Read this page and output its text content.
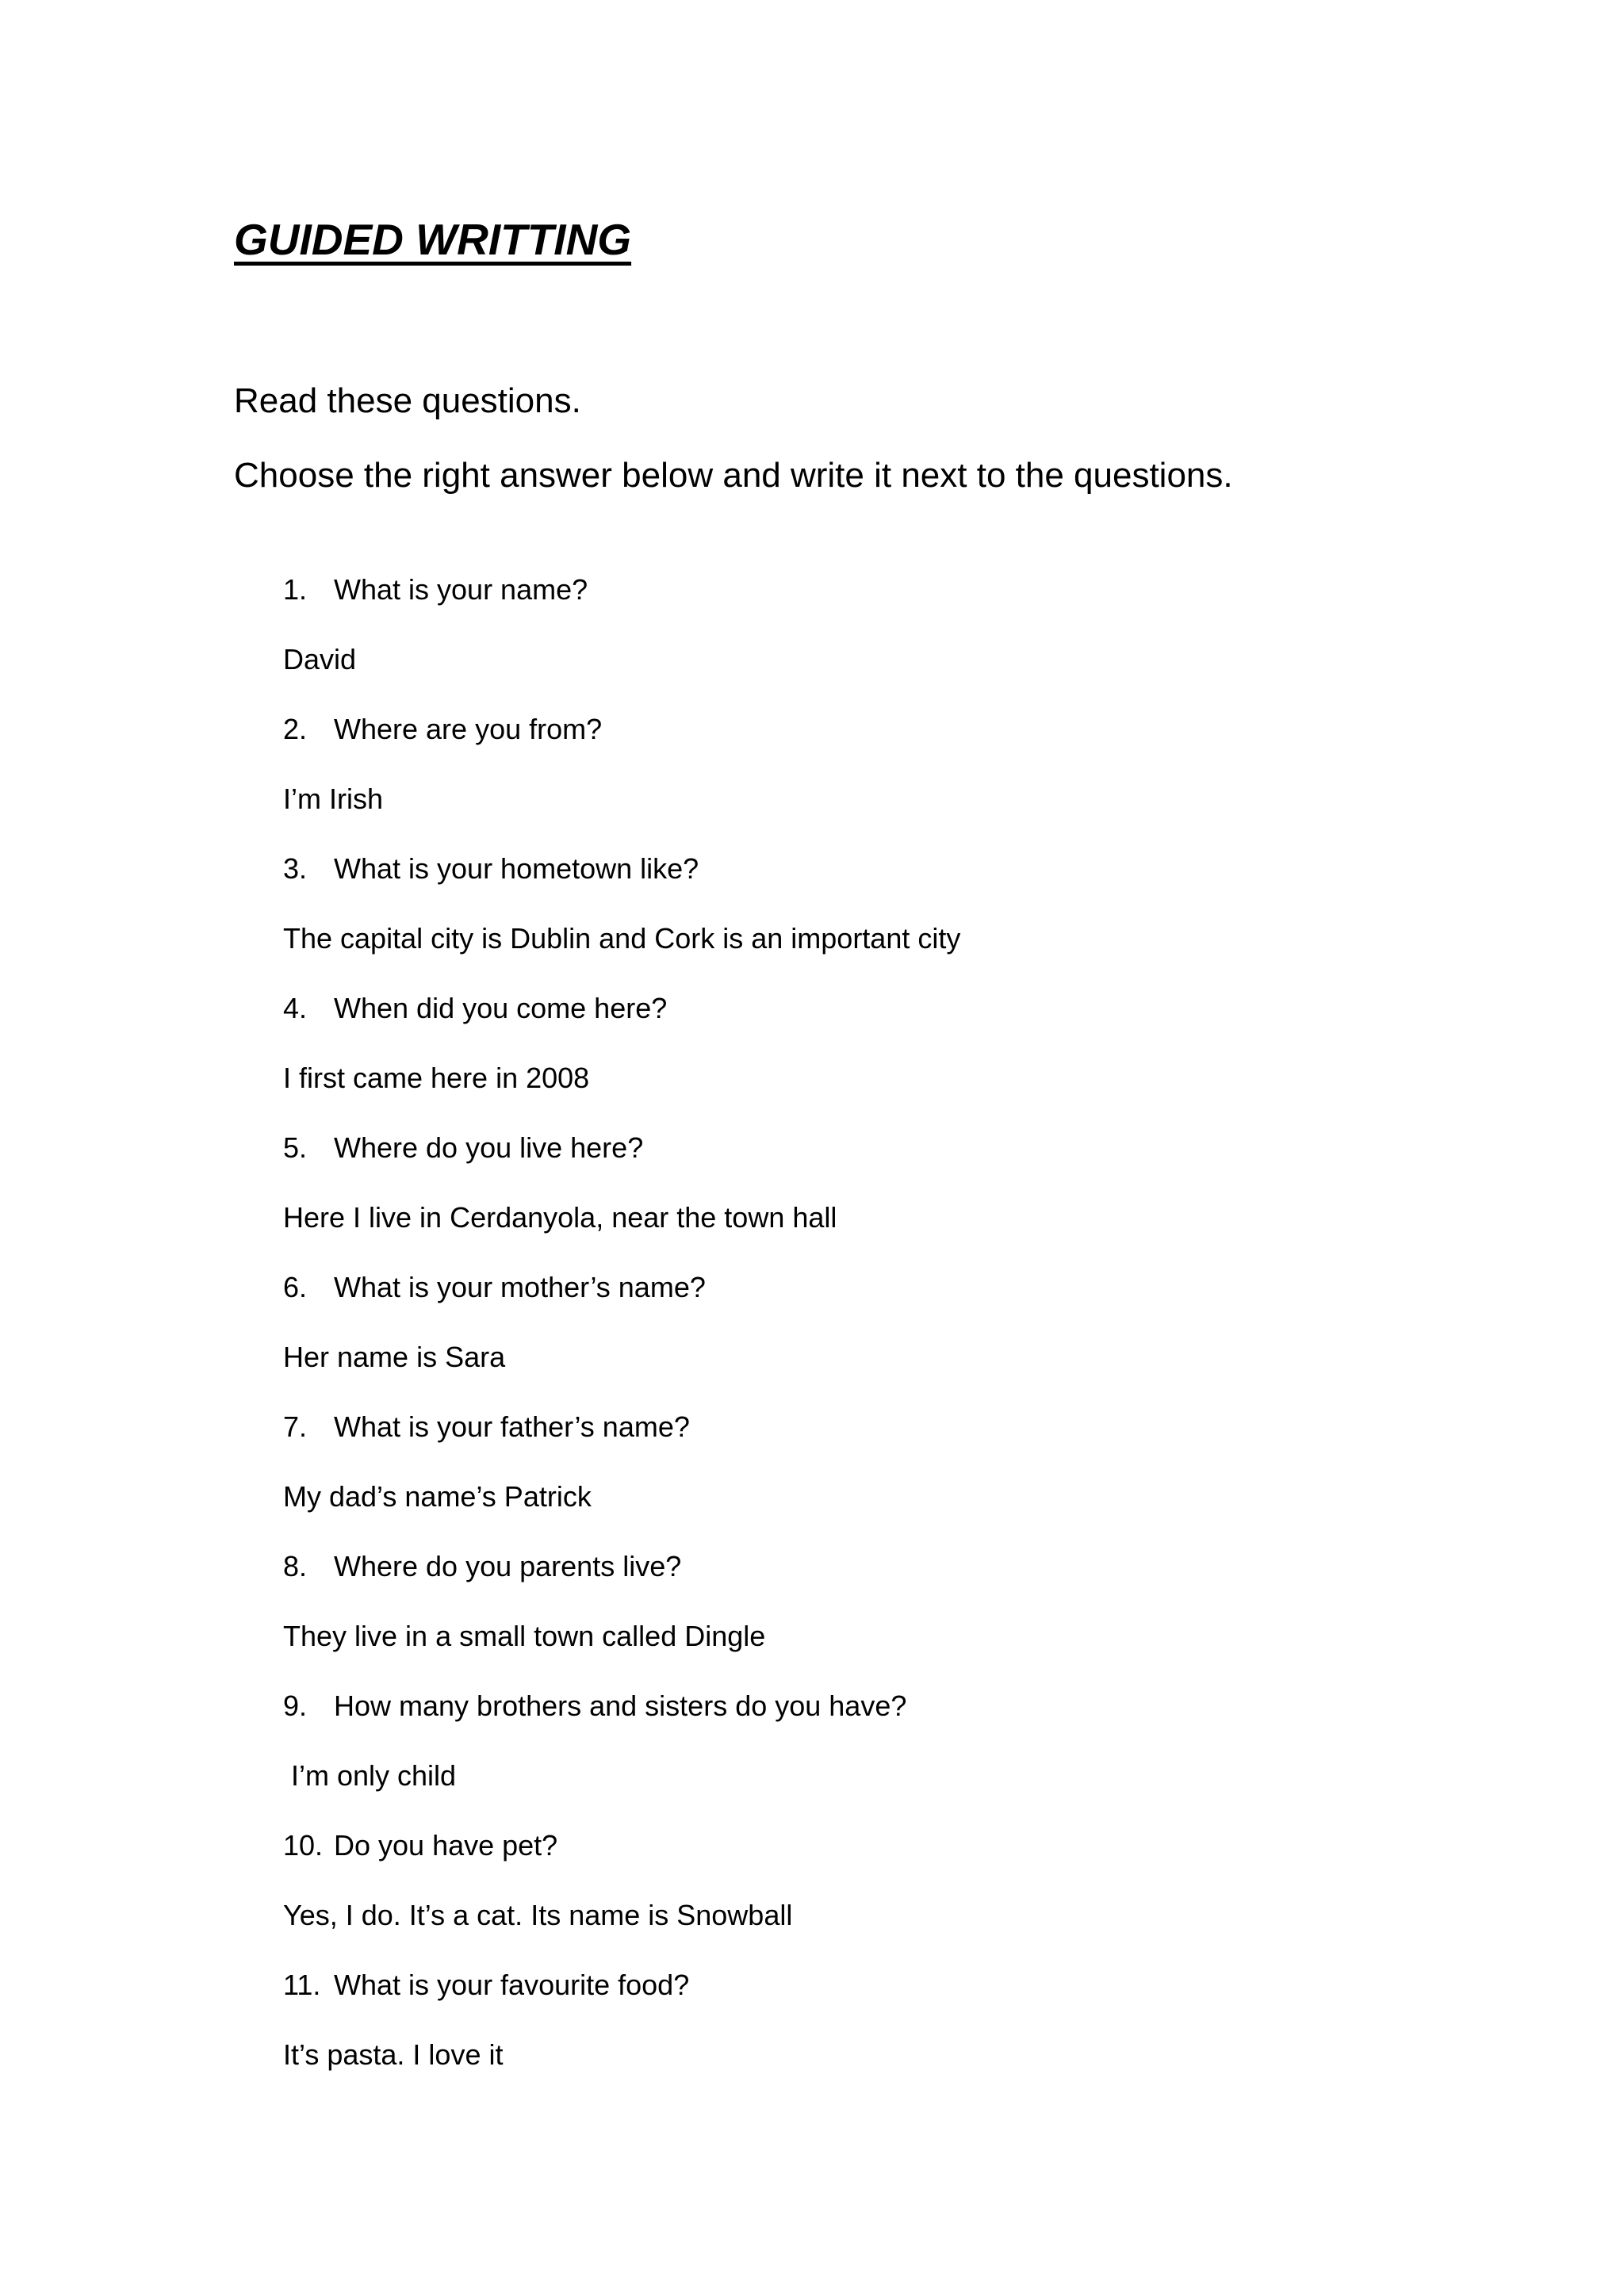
GUIDED WRITTING

Read these questions.

Choose the right answer below and write it next to the questions.

1. What is your name?
David
2. Where are you from?
I’m Irish
3. What is your hometown like?
The capital city is Dublin and Cork is an important city
4. When did you come here?
I first came here in 2008
5. Where do you live here?
Here I live in Cerdanyola, near the town hall
6. What is your mother’s name?
Her name is Sara
7. What is your father’s name?
My dad’s name’s Patrick
8. Where do you parents live?
They live in a small town called Dingle
9. How many brothers and sisters do you have?
I’m only child
10. Do you have pet?
Yes, I do. It’s a cat. Its name is Snowball
11. What is your favourite food?
It’s pasta. I love it
